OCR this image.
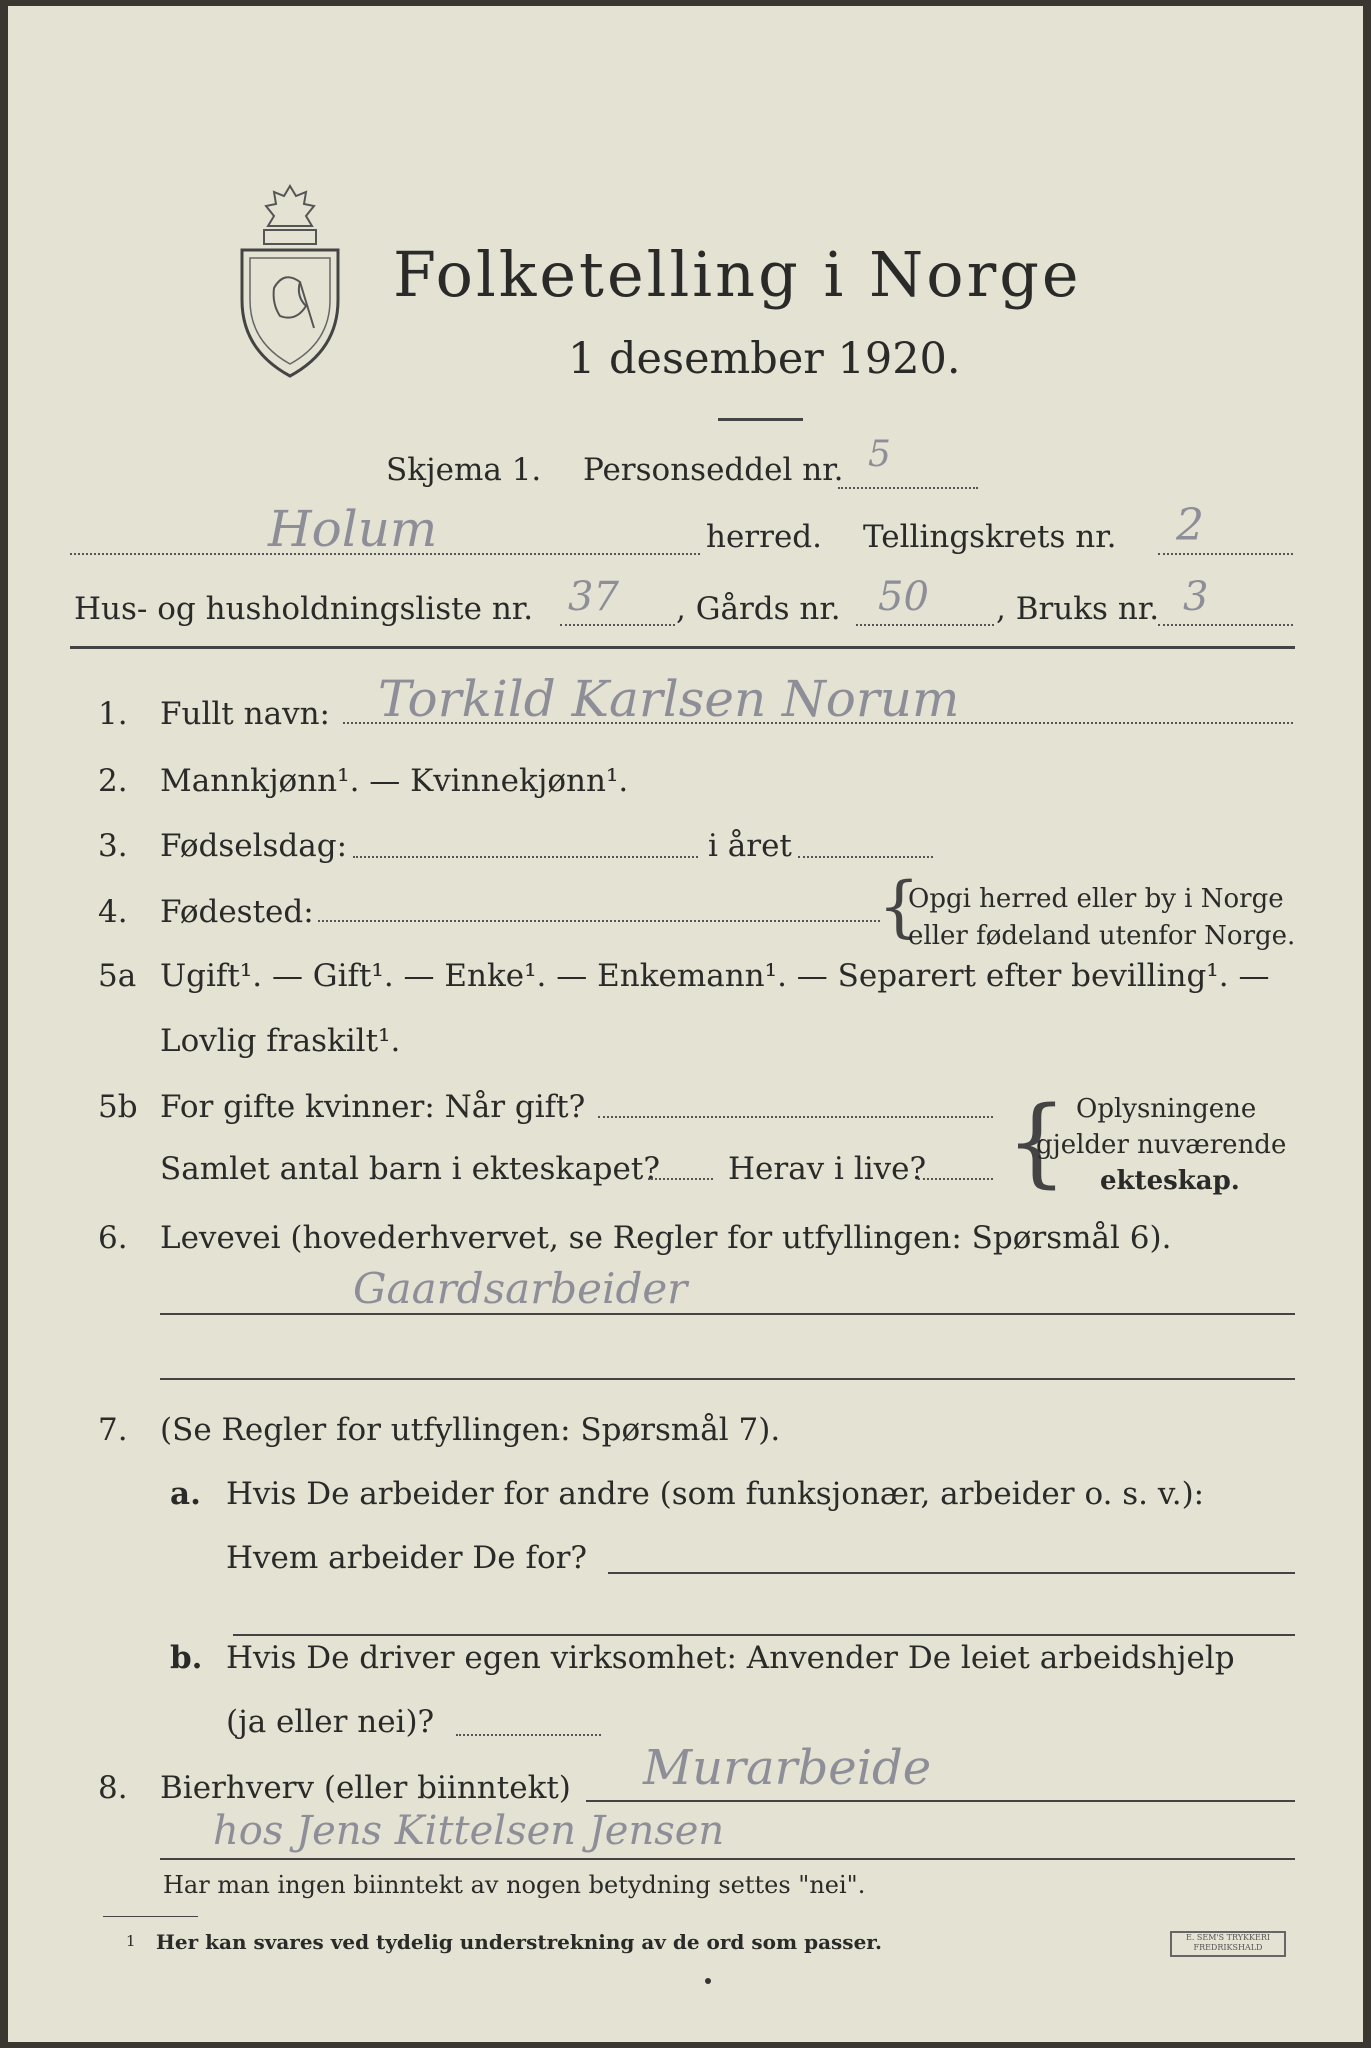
Folketelling i Norge
1 desember 1920.
Skjema 1. Personseddel nr. 5
Holum	herred. Tellingskrets nr. 2
Hus- og husholdningsliste nr. 37 , Gårds nr. 50 , Bruks nr. 3
1. Fullt navn: Torkild Karlsen Norum
2. Mannkjønn¹. — Kvinnekjønn¹.
3. Fødselsdag:	i året
4. Fødested:	{
Opgi herred eller by i Norge
eller fødeland utenfor Norge.
5a Ugift¹. — Gift¹. — Enke¹. — Enkemann¹. — Separert efter bevilling¹. —
Lovlig fraskilt¹.
5b For gifte kvinner: Når gift?
Samlet antal barn i ekteskapet? Herav i live? { Oplysningene
gjelder nuværende
ekteskap.
6. Levevei (hovederhvervet, se Regler for utfyllingen: Spørsmål 6).
Gaardsarbeider
7. (Se Regler for utfyllingen: Spørsmål 7).
a. Hvis De arbeider for andre (som funksjonær, arbeider o. s. v.):
Hvem arbeider De for?
b. Hvis De driver egen virksomhet: Anvender De leiet arbeidshjelp
(ja eller nei)?
8. Bierhverv (eller biinntekt) Murarbeide
hos Jens Kittelsen Jensen
Har man ingen biinntekt av nogen betydning settes "nei".
1 Her kan svares ved tydelig understrekning av de ord som passer.	E. SEM'S TRYKKERI FREDRIKSHALD
